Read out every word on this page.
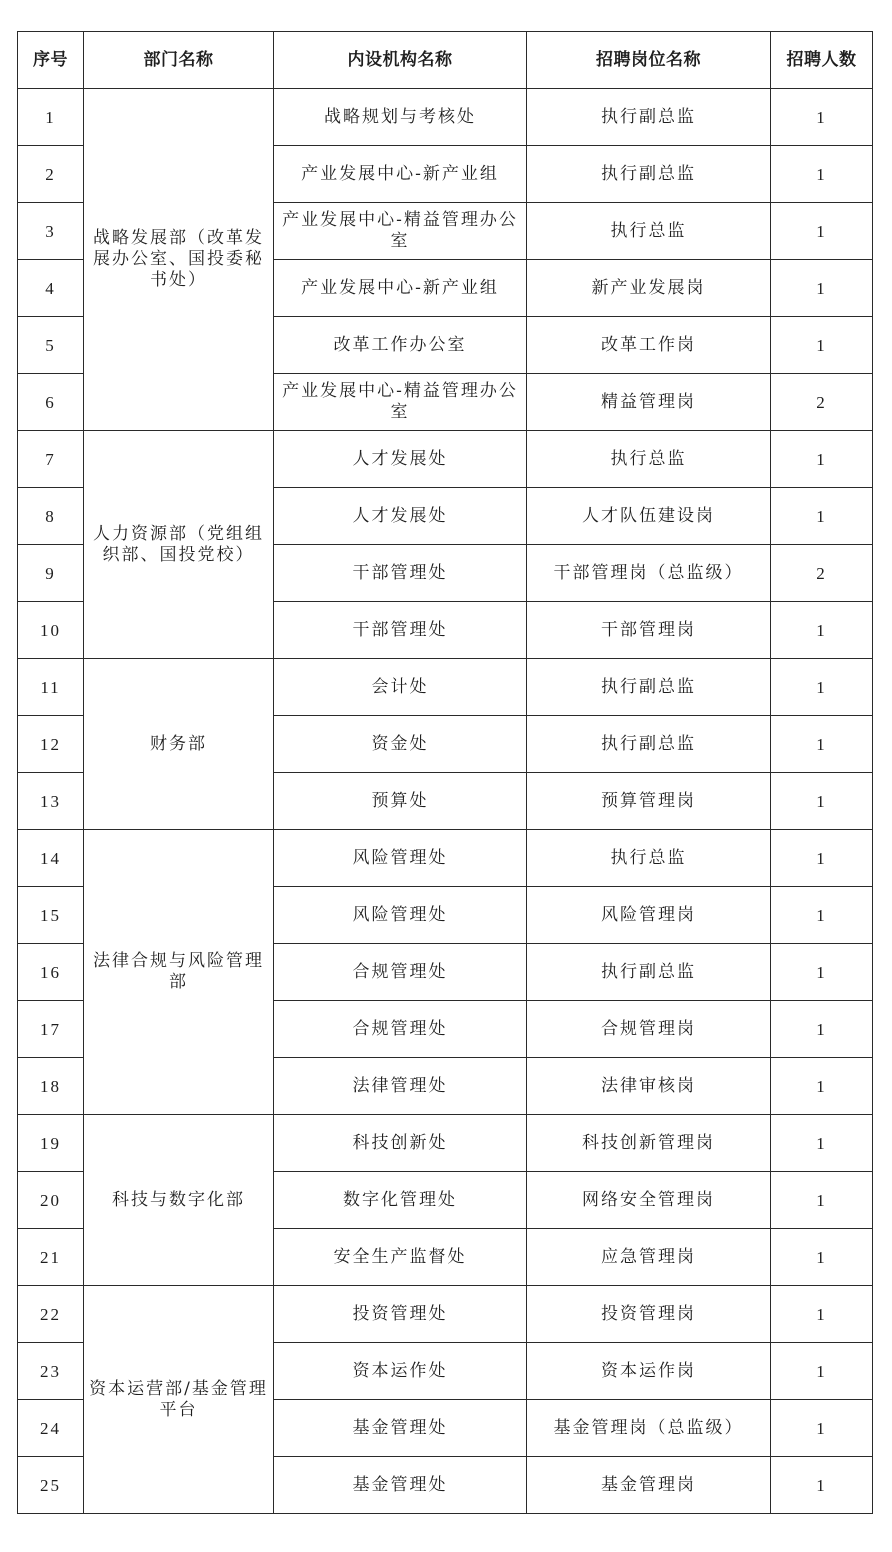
序号	部门名称	内设机构名称	招聘岗位名称	招聘人数
1	战略发展部（改革发展办公室、国投委秘书处）	战略规划与考核处	执行副总监	1
2		产业发展中心-新产业组	执行副总监	1
3		产业发展中心-精益管理办公室	执行总监	1
4		产业发展中心-新产业组	新产业发展岗	1
5		改革工作办公室	改革工作岗	1
6		产业发展中心-精益管理办公室	精益管理岗	2
7	人力资源部（党组组织部、国投党校）	人才发展处	执行总监	1
8		人才发展处	人才队伍建设岗	1
9		干部管理处	干部管理岗（总监级）	2
10		干部管理处	干部管理岗	1
11	财务部	会计处	执行副总监	1
12		资金处	执行副总监	1
13		预算处	预算管理岗	1
14	法律合规与风险管理部	风险管理处	执行总监	1
15		风险管理处	风险管理岗	1
16		合规管理处	执行副总监	1
17		合规管理处	合规管理岗	1
18		法律管理处	法律审核岗	1
19	科技与数字化部	科技创新处	科技创新管理岗	1
20		数字化管理处	网络安全管理岗	1
21		安全生产监督处	应急管理岗	1
22	资本运营部/基金管理平台	投资管理处	投资管理岗	1
23		资本运作处	资本运作岗	1
24		基金管理处	基金管理岗（总监级）	1
25		基金管理处	基金管理岗	1
